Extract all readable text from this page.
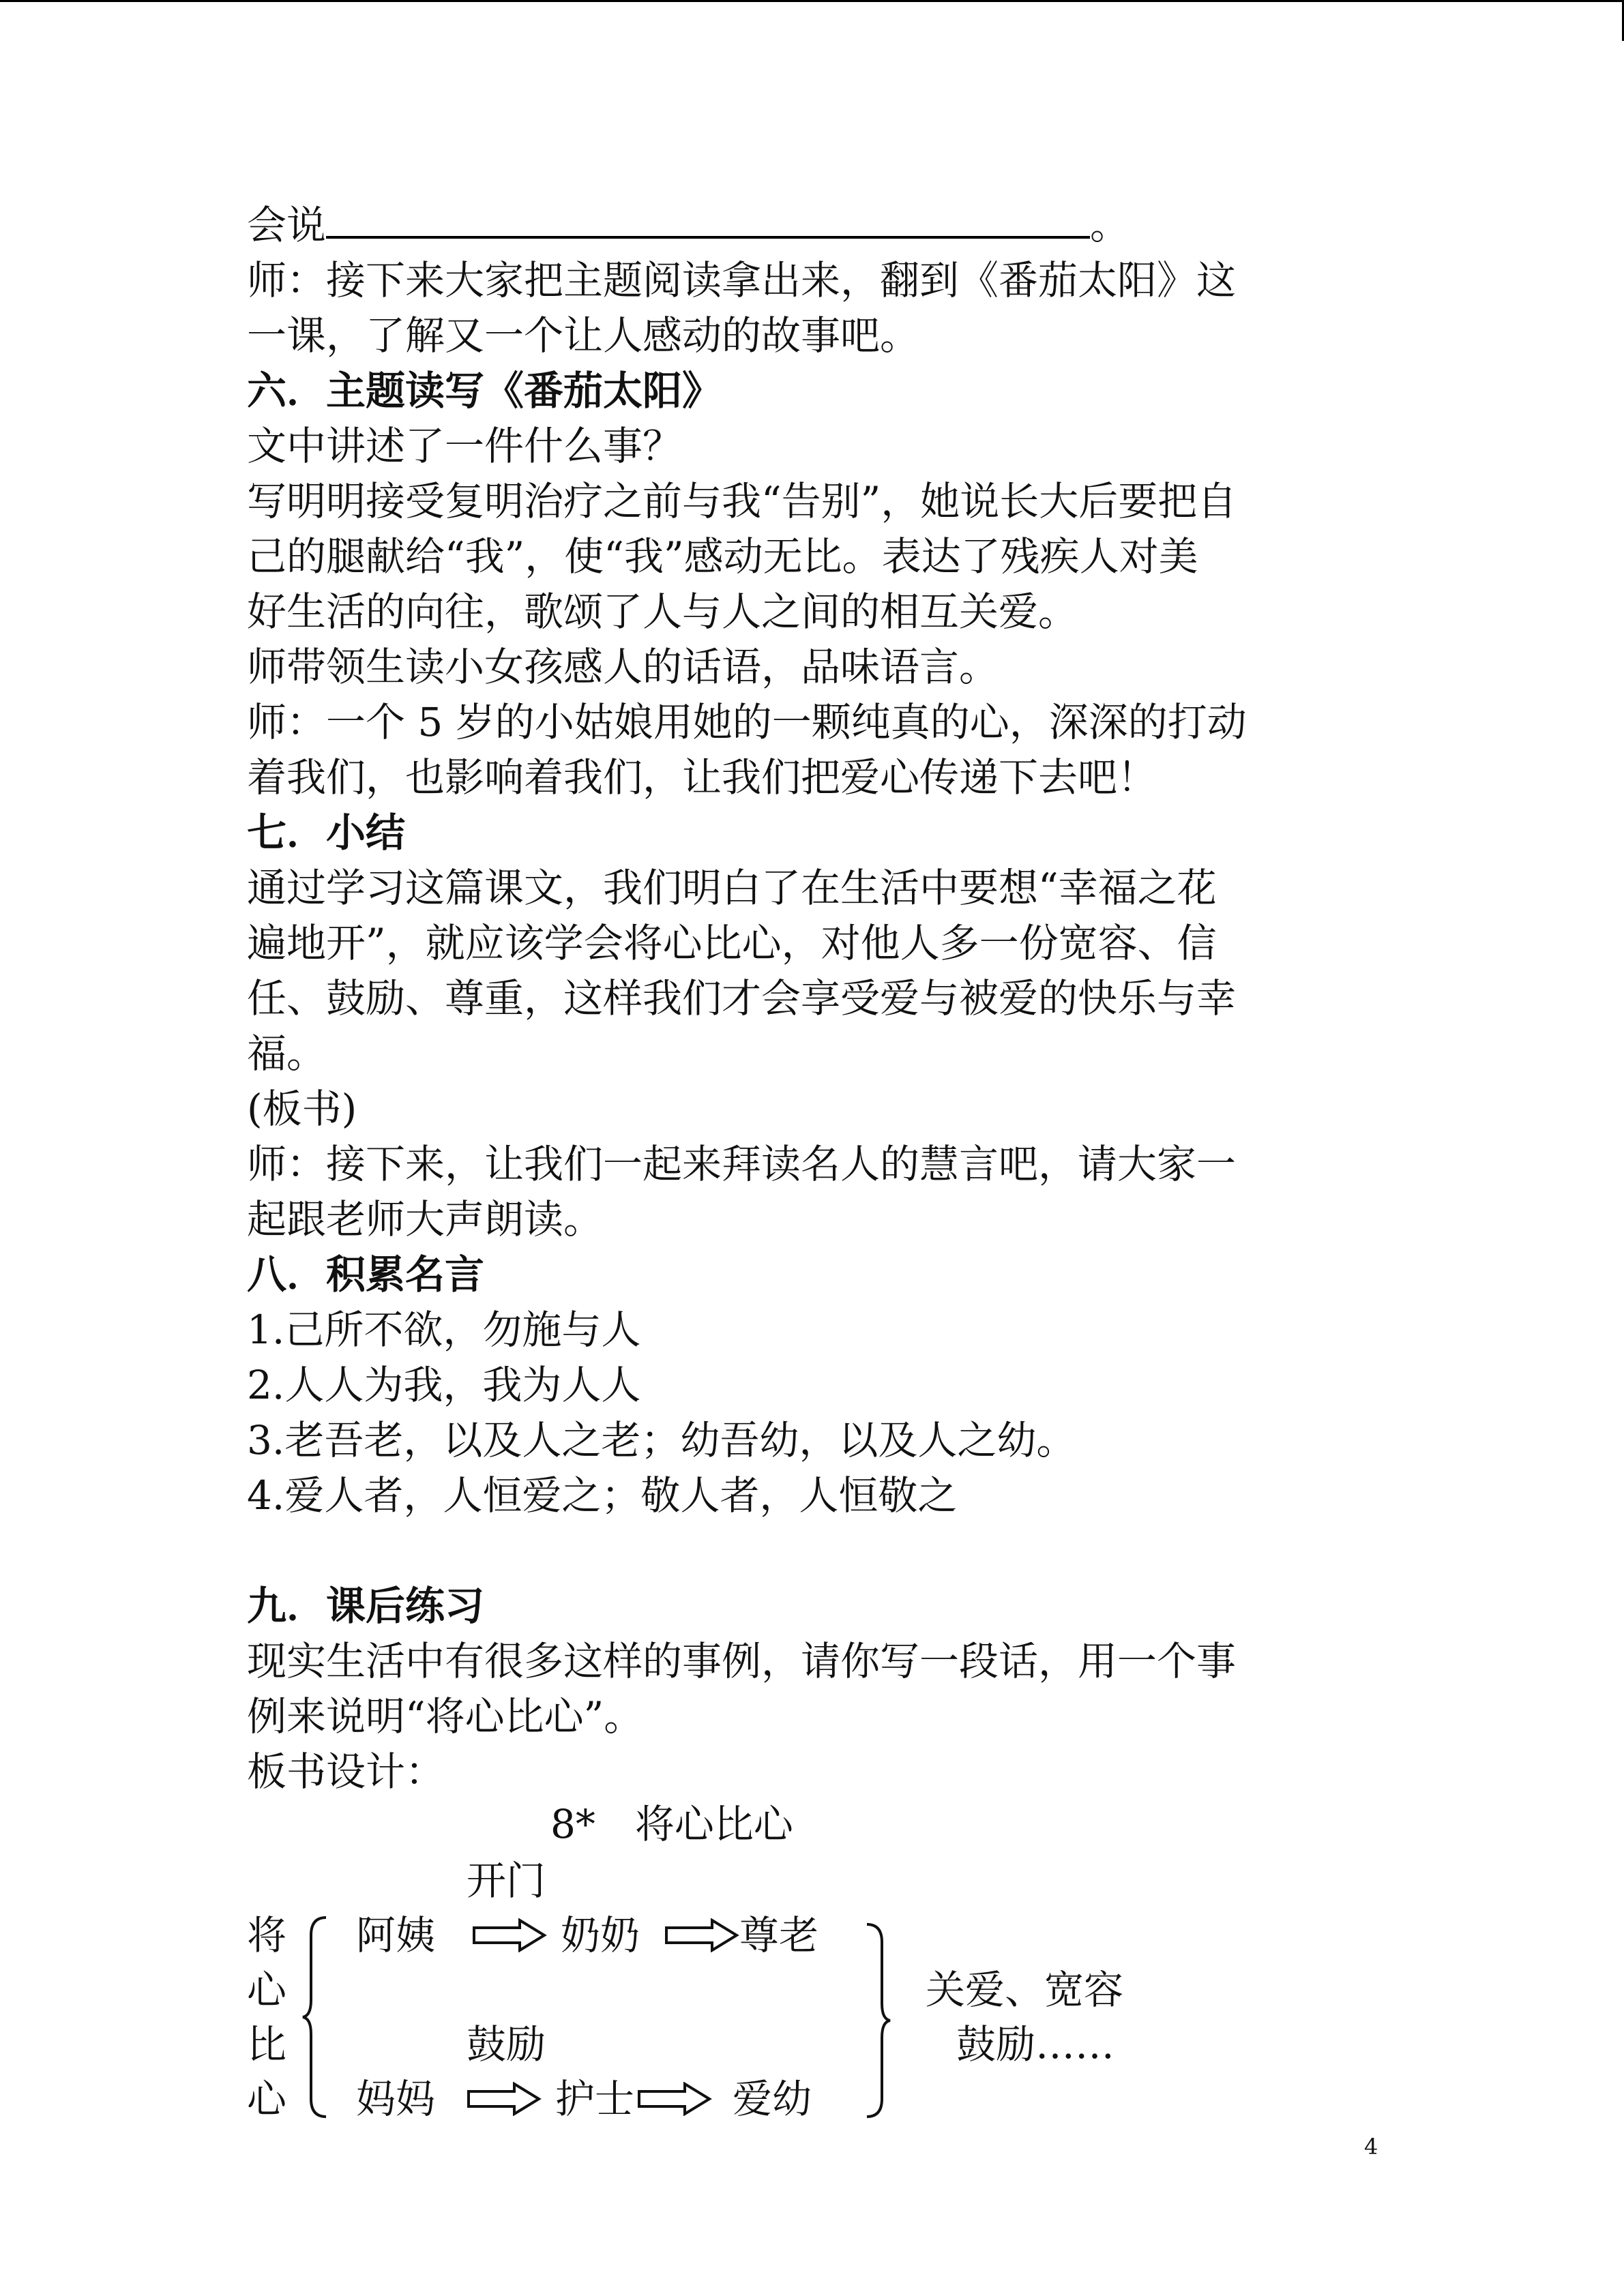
会说	。
师：接下来大家把主题阅读拿出来，翻到《番茄太阳》这
一课，了解又一个让人感动的故事吧。
六．主题读写《番茄太阳》
文中讲述了一件什么事？
写明明接受复明治疗之前与我“告别”，她说长大后要把自
己的腿献给“我”，使“我”感动无比。表达了残疾人对美
好生活的向往，歌颂了人与人之间的相互关爱。
师带领生读小女孩感人的话语，品味语言。
师：一个 5 岁的小姑娘用她的一颗纯真的心，深深的打动
着我们，也影响着我们，让我们把爱心传递下去吧！
七．小结
通过学习这篇课文，我们明白了在生活中要想“幸福之花
遍地开”，就应该学会将心比心，对他人多一份宽容、信
任、鼓励、尊重，这样我们才会享受爱与被爱的快乐与幸
福。
(板书)
师：接下来，让我们一起来拜读名人的慧言吧，请大家一
起跟老师大声朗读。
八．积累名言
1.己所不欲，勿施与人
2.人人为我，我为人人
3.老吾老，以及人之老；幼吾幼，以及人之幼。
4.爱人者，人恒爱之；敬人者，人恒敬之
九．课后练习
现实生活中有很多这样的事例，请你写一段话，用一个事
例来说明“将心比心”。
板书设计：
8*　将心比心
将
心
比
心
开门
阿姨	奶奶	尊老
鼓励
妈妈	护士 爱幼
关爱、宽容
鼓励……
4
